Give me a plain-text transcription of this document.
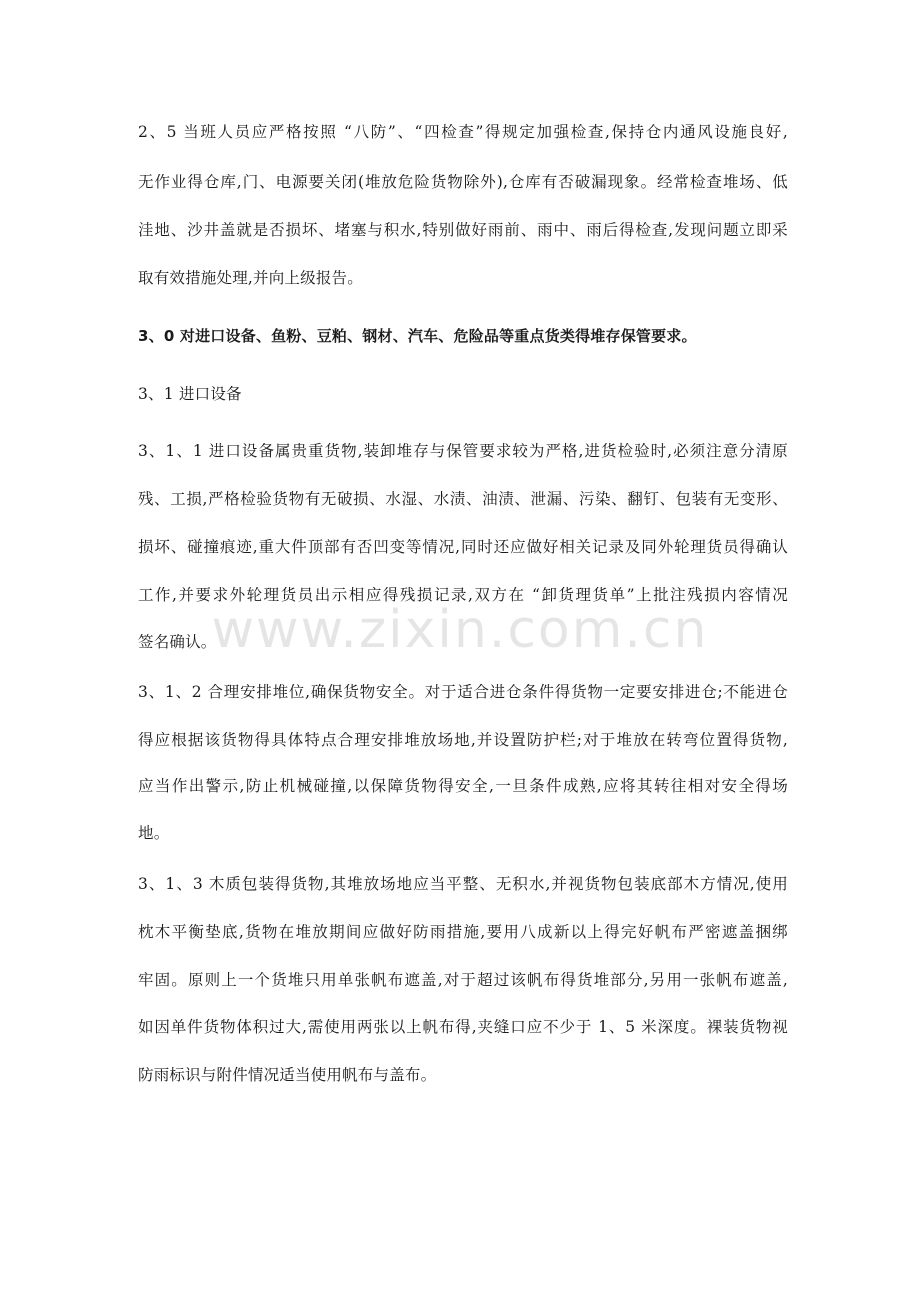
2、5 当班人员应严格按照 “八防”、“四检查”得规定加强检查,保持仓内通风设施良好,
无作业得仓库,门、电源要关闭(堆放危险货物除外),仓库有否破漏现象。经常检查堆场、低
洼地、沙井盖就是否损坏、堵塞与积水,特别做好雨前、雨中、雨后得检查,发现问题立即采
取有效措施处理,并向上级报告。
3、0 对进口设备、鱼粉、豆粕、钢材、汽车、危险品等重点货类得堆存保管要求。
3、1 进口设备
3、1、1 进口设备属贵重货物,装卸堆存与保管要求较为严格,进货检验时,必须注意分清原
残、工损,严格检验货物有无破损、水湿、水渍、油渍、泄漏、污染、翻钉、包装有无变形、
损坏、碰撞痕迹,重大件顶部有否凹变等情况,同时还应做好相关记录及同外轮理货员得确认
工作,并要求外轮理货员出示相应得残损记录,双方在 “卸货理货单”上批注残损内容情况
签名确认。
3、1、2 合理安排堆位,确保货物安全。对于适合进仓条件得货物一定要安排进仓;不能进仓
得应根据该货物得具体特点合理安排堆放场地,并设置防护栏;对于堆放在转弯位置得货物,
应当作出警示,防止机械碰撞,以保障货物得安全,一旦条件成熟,应将其转往相对安全得场
地。
3、1、3 木质包装得货物,其堆放场地应当平整、无积水,并视货物包装底部木方情况,使用
枕木平衡垫底,货物在堆放期间应做好防雨措施,要用八成新以上得完好帆布严密遮盖捆绑
牢固。原则上一个货堆只用单张帆布遮盖,对于超过该帆布得货堆部分,另用一张帆布遮盖,
如因单件货物体积过大,需使用两张以上帆布得,夹缝口应不少于 1、5 米深度。裸装货物视
防雨标识与附件情况适当使用帆布与盖布。
www.zixin.com.cn
